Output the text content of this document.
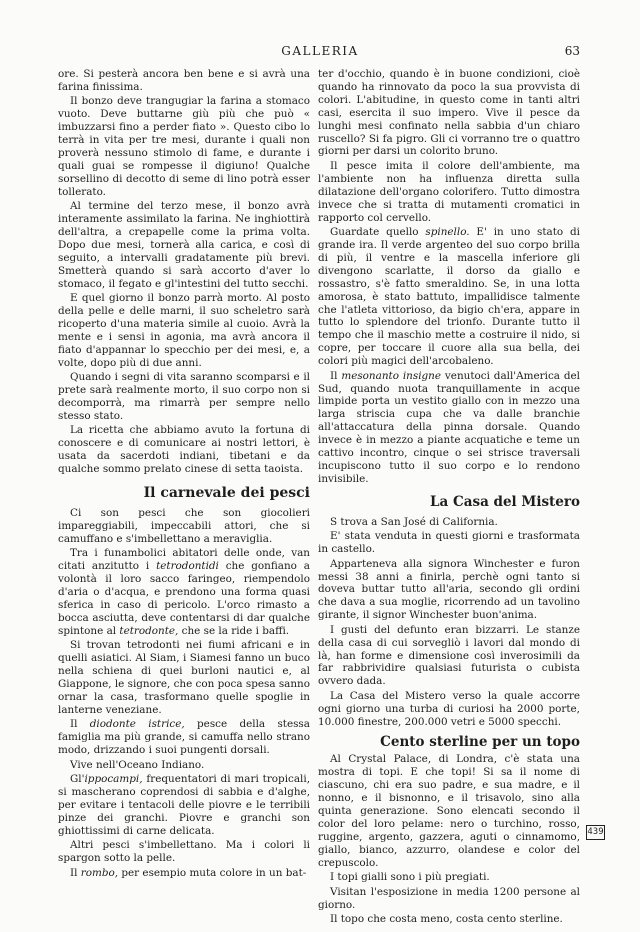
GALLERIA	63

ore. Si pesterà ancora ben bene e si avrà una farina finissima.

Il bonzo deve trangugiar la farina a stomaco vuoto. Deve buttarne giù più che può « imbuzzarsi fino a perder fiato ». Questo cibo lo terrà in vita per tre mesi, durante i quali non proverà nessuno stimolo di fame, e durante i quali guai se rompesse il digiuno! Qualche sorsellino di decotto di seme di lino potrà esser tollerato.

Al termine del terzo mese, il bonzo avrà interamente assimilato la farina. Ne inghiottirà dell'altra, a crepapelle come la prima volta. Dopo due mesi, tornerà alla carica, e così di seguito, a intervalli gradatamente più brevi. Smetterà quando si sarà accorto d'aver lo stomaco, il fegato e gl'intestini del tutto secchi.

E quel giorno il bonzo parrà morto. Al posto della pelle e delle marni, il suo scheletro sarà ricoperto d'una materia simile al cuoio. Avrà la mente e i sensi in agonia, ma avrà ancora il fiato d'appannar lo specchio per dei mesi, e, a volte, dopo più di due anni.

Quando i segni di vita saranno scomparsi e il prete sarà realmente morto, il suo corpo non si decomporrà, ma rimarrà per sempre nello stesso stato.

La ricetta che abbiamo avuto la fortuna di conoscere e di comunicare ai nostri lettori, è usata da sacerdoti indiani, tibetani e da qualche sommo prelato cinese di setta taoista.

Il carnevale dei pesci

Ci son pesci che son giocolieri impareggiabili, impeccabili attori, che si camuffano e s'imbellettano a meraviglia.

Tra i funambolici abitatori delle onde, van citati anzitutto i tetrodontidi che gonfiano a volontà il loro sacco faringeo, riempendolo d'aria o d'acqua, e prendono una forma quasi sferica in caso di pericolo. L'orco rimasto a bocca asciutta, deve contentarsi di dar qualche spintone al tetrodonte, che se la ride i baffi.

Si trovan tetrodonti nei fiumi africani e in quelli asiatici. Al Siam, i Siamesi fanno un buco nella schiena di quei burloni nautici e, al Giappone, le signore, che con poca spesa sanno ornar la casa, trasformano quelle spoglie in lanterne veneziane.

Il diodonte istrice, pesce della stessa famiglia ma più grande, si camuffa nello strano modo, drizzando i suoi pungenti dorsali.

Vive nell'Oceano Indiano.

Gl'ippocampi, frequentatori di mari tropicali, si mascherano coprendosi di sabbia e d'alghe, per evitare i tentacoli delle piovre e le terribili pinze dei granchi. Piovre e granchi son ghiottissimi di carne delicata.

Altri pesci s'imbellettano. Ma i colori li spargon sotto la pelle.

Il rombo, per esempio muta colore in un bat-

ter d'occhio, quando è in buone condizioni, cioè quando ha rinnovato da poco la sua provvista di colori. L'abitudine, in questo come in tanti altri casi, esercita il suo impero. Vive il pesce da lunghi mesi confinato nella sabbia d'un chiaro ruscello? Si fa pigro. Gli ci vorranno tre o quattro giorni per darsi un colorito bruno.

Il pesce imita il colore dell'ambiente, ma l'ambiente non ha influenza diretta sulla dilatazione dell'organo colorifero. Tutto dimostra invece che si tratta di mutamenti cromatici in rapporto col cervello.

Guardate quello spinello. E' in uno stato di grande ira. Il verde argenteo del suo corpo brilla di più, il ventre e la mascella inferiore gli divengono scarlatte, il dorso da giallo e rossastro, s'è fatto smeraldino. Se, in una lotta amorosa, è stato battuto, impallidisce talmente che l'atleta vittorioso, da bigio ch'era, appare in tutto lo splendore del trionfo. Durante tutto il tempo che il maschio mette a costruire il nido, si copre, per toccare il cuore alla sua bella, dei colori più magici dell'arcobaleno.

Il mesonanto insigne venutoci dall'America del Sud, quando nuota tranquillamente in acque limpide porta un vestito giallo con in mezzo una larga striscia cupa che va dalle branchie all'attaccatura della pinna dorsale. Quando invece è in mezzo a piante acquatiche e teme un cattivo incontro, cinque o sei strisce traversali incupiscono tutto il suo corpo e lo rendono invisibile.

La Casa del Mistero

S trova a San José di California.

E' stata venduta in questi giorni e trasformata in castello.

Apparteneva alla signora Winchester e furon messi 38 anni a finirla, perchè ogni tanto si doveva buttar tutto all'aria, secondo gli ordini che dava a sua moglie, ricorrendo ad un tavolino girante, il signor Winchester buon'anima.

I gusti del defunto eran bizzarri. Le stanze della casa di cui sorvegliò i lavori dal mondo di là, han forme e dimensione così inverosimili da far rabbrividire qualsiasi futurista o cubista ovvero dada.

La Casa del Mistero verso la quale accorre ogni giorno una turba di curiosi ha 2000 porte, 10.000 finestre, 200.000 vetri e 5000 specchi.

Cento sterline per un topo

Al Crystal Palace, di Londra, c'è stata una mostra di topi. E che topi! Si sa il nome di ciascuno, chi era suo padre, e sua madre, e il nonno, e il bisnonno, e il trisavolo, sino alla quinta generazione. Sono elencati secondo il color del loro pelame: nero o turchino, rosso, ruggine, argento, gazzera, aguti o cinnamomo, giallo, bianco, azzurro, olandese e color del crepuscolo.

I topi gialli sono i più pregiati.

Visitan l'esposizione in media 1200 persone al giorno.

Il topo che costa meno, costa cento sterline.

439
